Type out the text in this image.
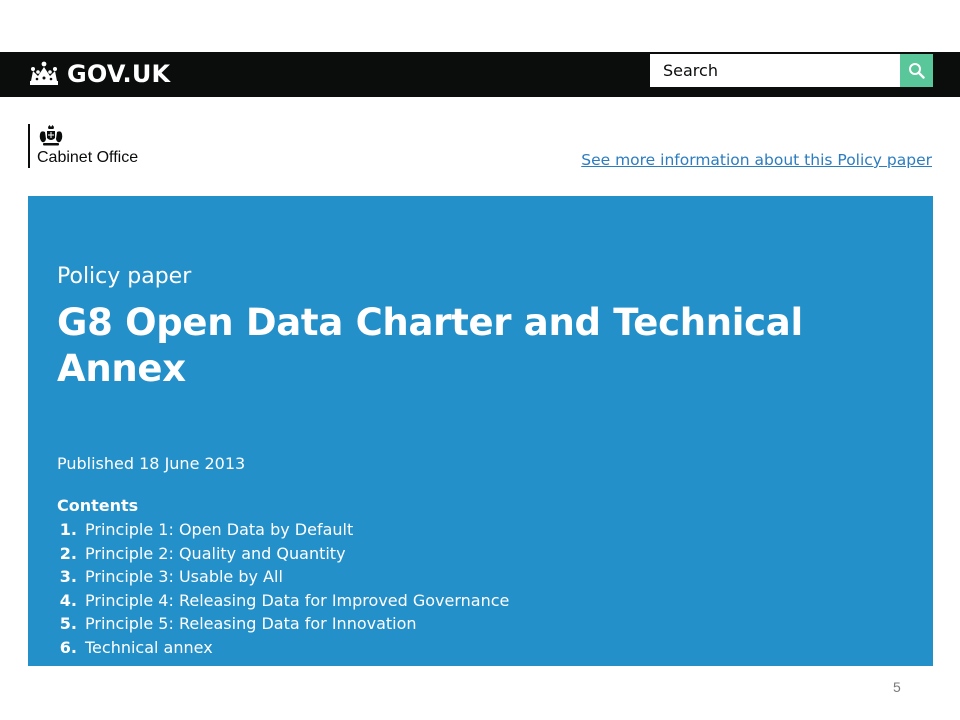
GOV.UK
Search
Cabinet Office	See more information about this Policy paper
Policy paper
G8 Open Data Charter and Technical Annex
Published 18 June 2013
Contents
1. Principle 1: Open Data by Default
2. Principle 2: Quality and Quantity
3. Principle 3: Usable by All
4. Principle 4: Releasing Data for Improved Governance
5. Principle 5: Releasing Data for Innovation
6. Technical annex
5
